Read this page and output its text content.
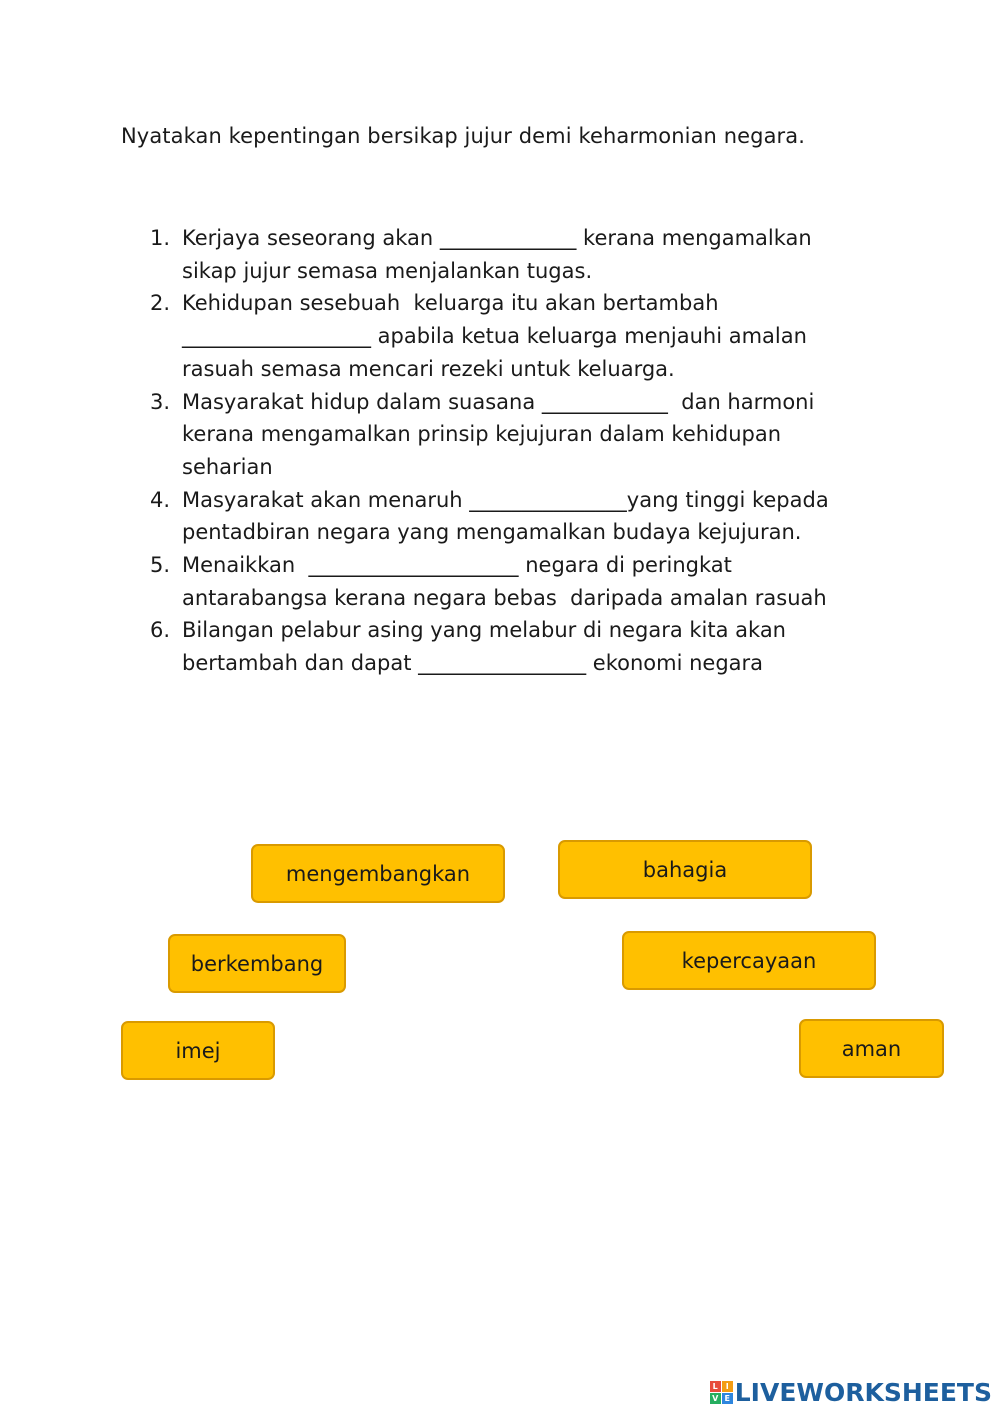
Nyatakan kepentingan bersikap jujur demi keharmonian negara.
1. Kerjaya seseorang akan _____________ kerana mengamalkan
sikap jujur semasa menjalankan tugas.
2. Kehidupan sesebuah  keluarga itu akan bertambah
__________________ apabila ketua keluarga menjauhi amalan
rasuah semasa mencari rezeki untuk keluarga.
3. Masyarakat hidup dalam suasana ____________  dan harmoni
kerana mengamalkan prinsip kejujuran dalam kehidupan
seharian
4. Masyarakat akan menaruh _______________yang tinggi kepada
pentadbiran negara yang mengamalkan budaya kejujuran.
5. Menaikkan  ____________________ negara di peringkat
antarabangsa kerana negara bebas  daripada amalan rasuah
6. Bilangan pelabur asing yang melabur di negara kita akan
bertambah dan dapat ________________ ekonomi negara
mengembangkan	bahagia
berkembang	kepercayaan
imej	aman
L I
V E LIVEWORKSHEETS
